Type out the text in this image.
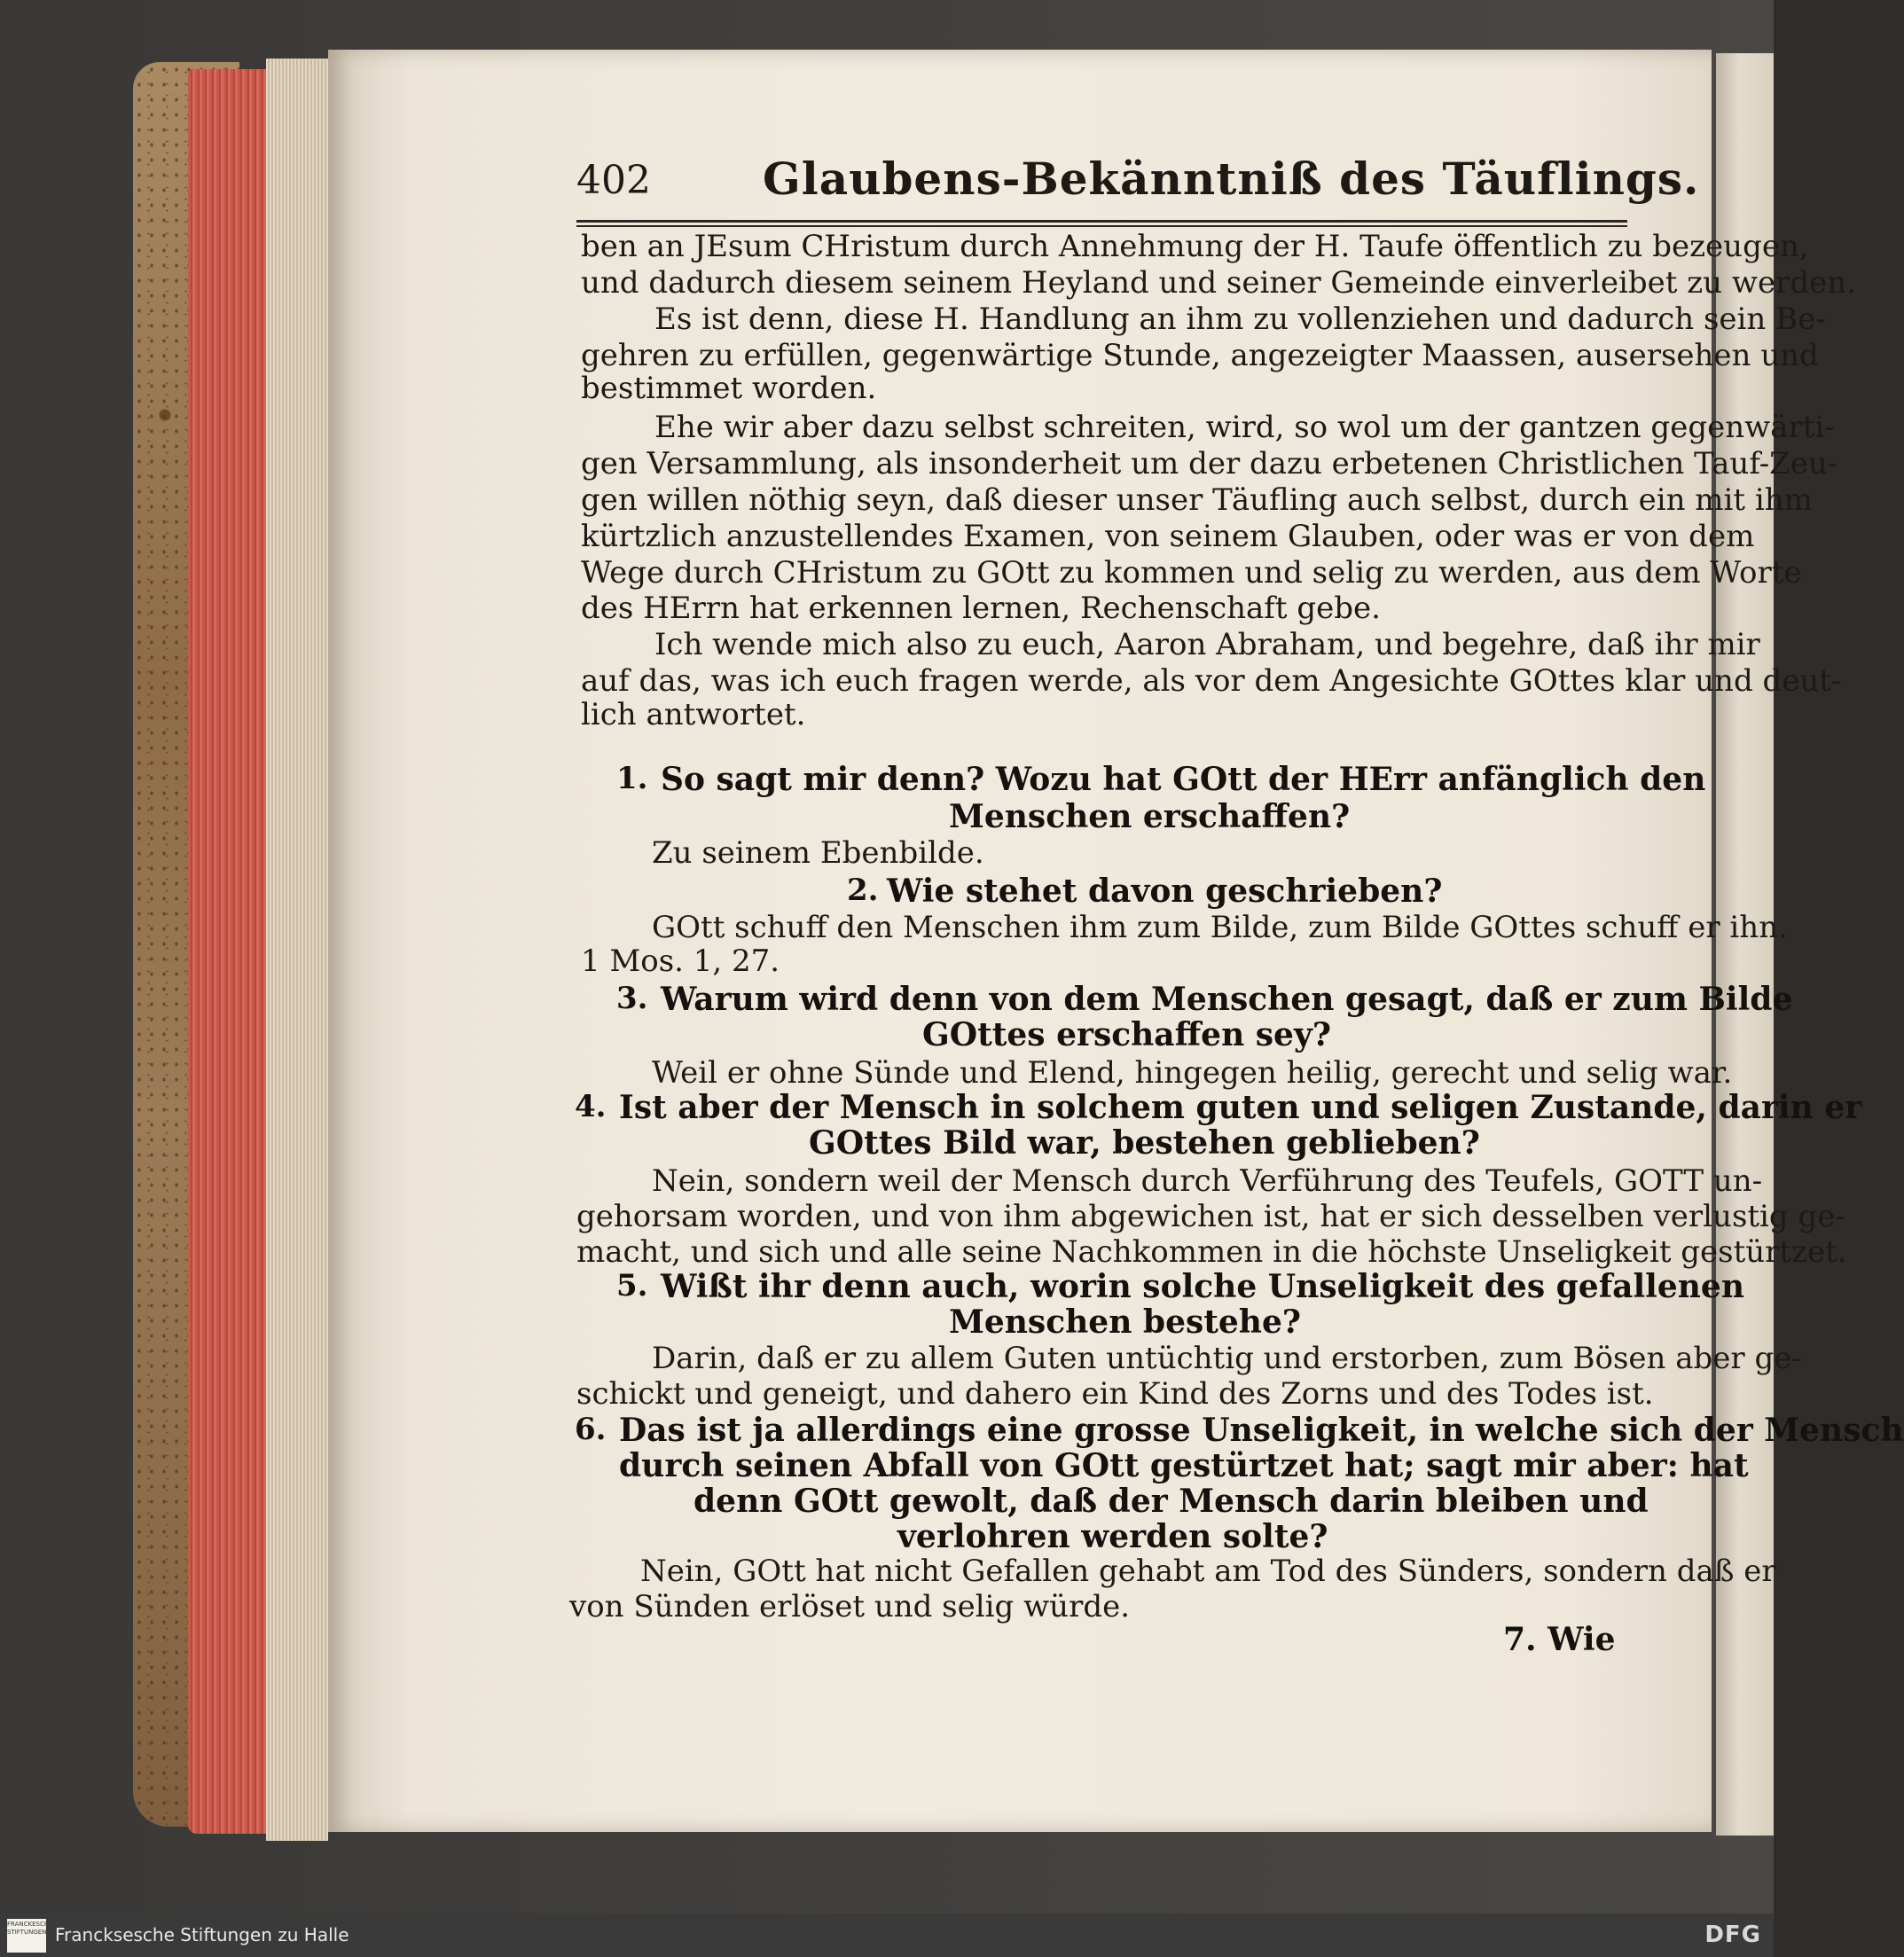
402	Glaubens-Bekänntniß des Täuflings.
ben an JEsum CHristum durch Annehmung der H. Taufe öffentlich zu bezeugen,
und dadurch diesem seinem Heyland und seiner Gemeinde einverleibet zu werden.
Es ist denn, diese H. Handlung an ihm zu vollenziehen und dadurch sein Be-
gehren zu erfüllen, gegenwärtige Stunde, angezeigter Maassen, ausersehen und
bestimmet worden.
Ehe wir aber dazu selbst schreiten, wird, so wol um der gantzen gegenwärti-
gen Versammlung, als insonderheit um der dazu erbetenen Christlichen Tauf-Zeu-
gen willen nöthig seyn, daß dieser unser Täufling auch selbst, durch ein mit ihm
kürtzlich anzustellendes Examen, von seinem Glauben, oder was er von dem
Wege durch CHristum zu GOtt zu kommen und selig zu werden, aus dem Worte
des HErrn hat erkennen lernen, Rechenschaft gebe.
Ich wende mich also zu euch, Aaron Abraham, und begehre, daß ihr mir
auf das, was ich euch fragen werde, als vor dem Angesichte GOttes klar und deut-
lich antwortet.
1. So sagt mir denn? Wozu hat GOtt der HErr anfänglich den
Menschen erschaffen?
Zu seinem Ebenbilde.
2. Wie stehet davon geschrieben?
GOtt schuff den Menschen ihm zum Bilde, zum Bilde GOttes schuff er ihn.
1 Mos. 1, 27.
3. Warum wird denn von dem Menschen gesagt, daß er zum Bilde
GOttes erschaffen sey?
Weil er ohne Sünde und Elend, hingegen heilig, gerecht und selig war.
4. Ist aber der Mensch in solchem guten und seligen Zustande, darin er
GOttes Bild war, bestehen geblieben?
Nein, sondern weil der Mensch durch Verführung des Teufels, GOTT un-
gehorsam worden, und von ihm abgewichen ist, hat er sich desselben verlustig ge-
macht, und sich und alle seine Nachkommen in die höchste Unseligkeit gestürtzet.
5. Wißt ihr denn auch, worin solche Unseligkeit des gefallenen
Menschen bestehe?
Darin, daß er zu allem Guten untüchtig und erstorben, zum Bösen aber ge-
schickt und geneigt, und dahero ein Kind des Zorns und des Todes ist.
6. Das ist ja allerdings eine grosse Unseligkeit, in welche sich der Mensch
durch seinen Abfall von GOtt gestürtzet hat; sagt mir aber: hat
denn GOtt gewolt, daß der Mensch darin bleiben und
verlohren werden solte?
Nein, GOtt hat nicht Gefallen gehabt am Tod des Sünders, sondern daß er
von Sünden erlöset und selig würde.
7. Wie
FRANCKESCHE STIFTUNGEN Francksesche Stiftungen zu Halle	DFG
